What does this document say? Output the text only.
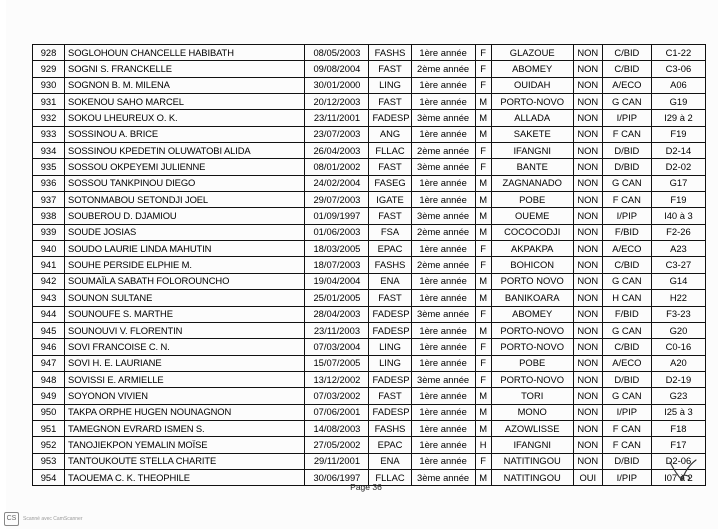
928	SOGLOHOUN CHANCELLE HABIBATH	08/05/2003	FASHS	1ère année	F	GLAZOUE	NON	C/BID	C1-22
929	SOGNI S. FRANCKELLE	09/08/2004	FAST	2ème année	F	ABOMEY	NON	C/BID	C3-06
930	SOGNON B. M. MILENA	30/01/2000	LING	1ère année	F	OUIDAH	NON	A/ECO	A06
931	SOKENOU SAHO MARCEL	20/12/2003	FAST	1ère année	M	PORTO-NOVO	NON	G CAN	G19
932	SOKOU LHEUREUX O. K.	23/11/2001	FADESP	3ème année	M	ALLADA	NON	I/PIP	I29 à 2
933	SOSSINOU A. BRICE	23/07/2003	ANG	1ère année	M	SAKETE	NON	F CAN	F19
934	SOSSINOU KPEDETIN OLUWATOBI ALIDA	26/04/2003	FLLAC	2ème année	F	IFANGNI	NON	D/BID	D2-14
935	SOSSOU OKPEYEMI JULIENNE	08/01/2002	FAST	3ème année	F	BANTE	NON	D/BID	D2-02
936	SOSSOU TANKPINOU DIEGO	24/02/2004	FASEG	1ère année	M	ZAGNANADO	NON	G CAN	G17
937	SOTONMABOU SETONDJI JOEL	29/07/2003	IGATE	1ère année	M	POBE	NON	F CAN	F19
938	SOUBEROU D. DJAMIOU	01/09/1997	FAST	3ème année	M	OUEME	NON	I/PIP	I40 à 3
939	SOUDE JOSIAS	01/06/2003	FSA	2ème année	M	COCOCODJI	NON	F/BID	F2-26
940	SOUDO LAURIE LINDA MAHUTIN	18/03/2005	EPAC	1ère année	F	AKPAKPA	NON	A/ECO	A23
941	SOUHE PERSIDE ELPHIE M.	18/07/2003	FASHS	2ème année	F	BOHICON	NON	C/BID	C3-27
942	SOUMAÏLA SABATH FOLOROUNCHO	19/04/2004	ENA	1ère année	M	PORTO NOVO	NON	G CAN	G14
943	SOUNON SULTANE	25/01/2005	FAST	1ère année	M	BANIKOARA	NON	H CAN	H22
944	SOUNOUFE S. MARTHE	28/04/2003	FADESP	3ème année	F	ABOMEY	NON	F/BID	F3-23
945	SOUNOUVI V. FLORENTIN	23/11/2003	FADESP	1ère année	M	PORTO-NOVO	NON	G CAN	G20
946	SOVI FRANCOISE C. N.	07/03/2004	LING	1ère année	F	PORTO-NOVO	NON	C/BID	C0-16
947	SOVI H. E. LAURIANE	15/07/2005	LING	1ère année	F	POBE	NON	A/ECO	A20
948	SOVISSI E. ARMIELLE	13/12/2002	FADESP	3ème année	F	PORTO-NOVO	NON	D/BID	D2-19
949	SOYONON VIVIEN	07/03/2002	FAST	1ère année	M	TORI	NON	G CAN	G23
950	TAKPA ORPHE HUGEN NOUNAGNON	07/06/2001	FADESP	1ère année	M	MONO	NON	I/PIP	I25 à 3
951	TAMEGNON EVRARD ISMEN S.	14/08/2003	FASHS	1ère année	M	AZOWLISSE	NON	F CAN	F18
952	TANOJIEKPON YEMALIN MOÏSE	27/05/2002	EPAC	1ère année	H	IFANGNI	NON	F CAN	F17
953	TANTOUKOUTE STELLA CHARITE	29/11/2001	ENA	1ère année	F	NATITINGOU	NON	D/BID	D2-06
954	TAOUEMA C. K. THEOPHILE	30/06/1997	FLLAC	3ème année	M	NATITINGOU	OUI	I/PIP	I07 à 2
Page 36
CS	Scanné avec CamScanner
